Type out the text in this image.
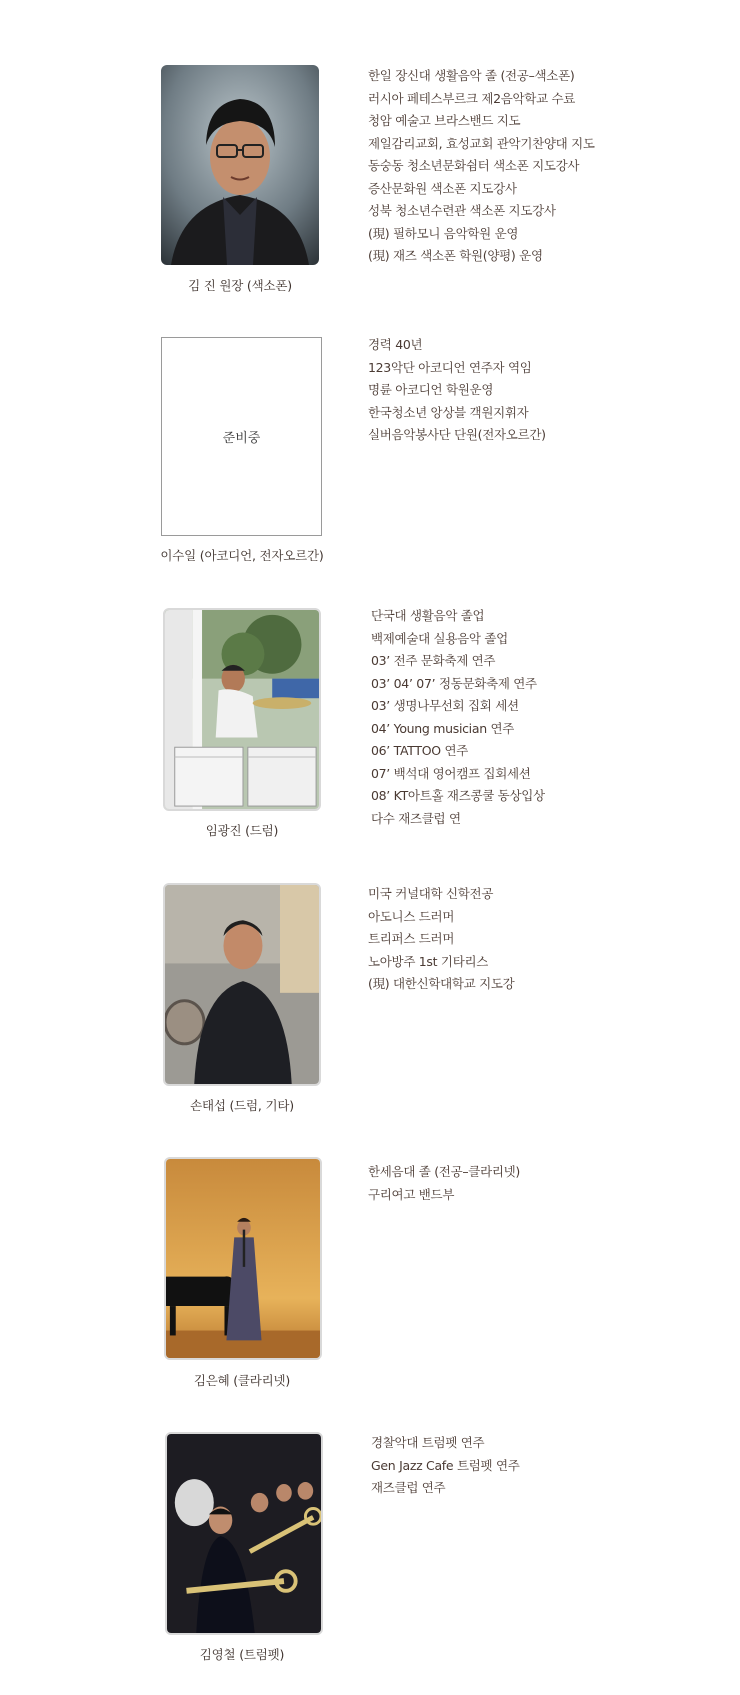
김 진 원장 (색소폰)
한일 장신대 생활음악 졸 (전공–색소폰)
러시아 페테스부르크 제2음악학교 수료
청암 예술고 브라스밴드 지도
제일감리교회, 효성교회 관악기찬양대 지도
동숭동 청소년문화쉼터 색소폰 지도강사
증산문화원 색소폰 지도강사
성북 청소년수련관 색소폰 지도강사
(現) 필하모니 음악학원 운영
(現) 재즈 색소폰 학원(양평) 운영
준비중
이수일 (아코디언, 전자오르간)
경력 40년
123악단 아코디언 연주자 역임
명륜 아코디언 학원운영
한국청소년 앙상블 객원지휘자
실버음악봉사단 단원(전자오르간)
임광진 (드럼)
단국대 생활음악 졸업
백제예술대 실용음악 졸업
03’ 전주 문화축제 연주
03’ 04’ 07’ 정동문화축제 연주
03’ 생명나무선회 집회 세션
04’ Young musician 연주
06’ TATTOO 연주
07’ 백석대 영어캠프 집회세션
08’ KT아트홀 재즈콩쿨 동상입상
다수 재즈클럽 연
손태섭 (드럼, 기타)
미국 커널대학 신학전공
아도니스 드러머
트리퍼스 드러머
노아방주 1st 기타리스
(現) 대한신학대학교 지도강
김은혜 (클라리넷)
한세음대 졸 (전공–클라리넷)
구리여고 밴드부
김영철 (트럼펫)
경찰악대 트럼펫 연주
Gen Jazz Cafe 트럼펫 연주
재즈클럽 연주
